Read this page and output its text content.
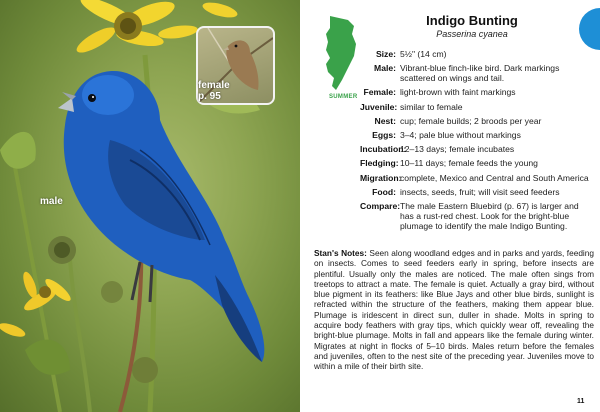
male
female
p. 95	SUMMER
Indigo Bunting
Passerina cyanea
Size: 5½" (14 cm)
Male: Vibrant-blue finch-like bird. Dark markings scattered on wings and tail.
Female: light-brown with faint markings
Juvenile: similar to female
Nest: cup; female builds; 2 broods per year
Eggs: 3–4; pale blue without markings
Incubation:
12–13 days; female incubates
Fledging: 10–11 days; female feeds the young
Migration:
complete, Mexico and Central and South America
Food: insects, seeds, fruit; will visit seed feeders
Compare: The male Eastern Bluebird (p. 67) is larger and has a rust-red chest. Look for the bright-blue plumage to identify the male Indigo Bunting.
Stan's Notes: Seen along woodland edges and in parks and yards, feeding on insects. Comes to seed feeders early in spring, before insects are plentiful. Usually only the males are noticed. The male often sings from treetops to attract a mate. The female is quiet. Actually a gray bird, without blue pigment in its feathers: like Blue Jays and other blue birds, sunlight is refracted within the structure of the feathers, making them appear blue. Plumage is iridescent in direct sun, duller in shade. Molts in spring to acquire body feathers with gray tips, which quickly wear off, revealing the bright-blue plumage. Molts in fall and appears like the female during winter. Migrates at night in flocks of 5–10 birds. Males return before the females and juveniles, often to the nest site of the preceding year. Juveniles move to within a mile of their birth site.
11
